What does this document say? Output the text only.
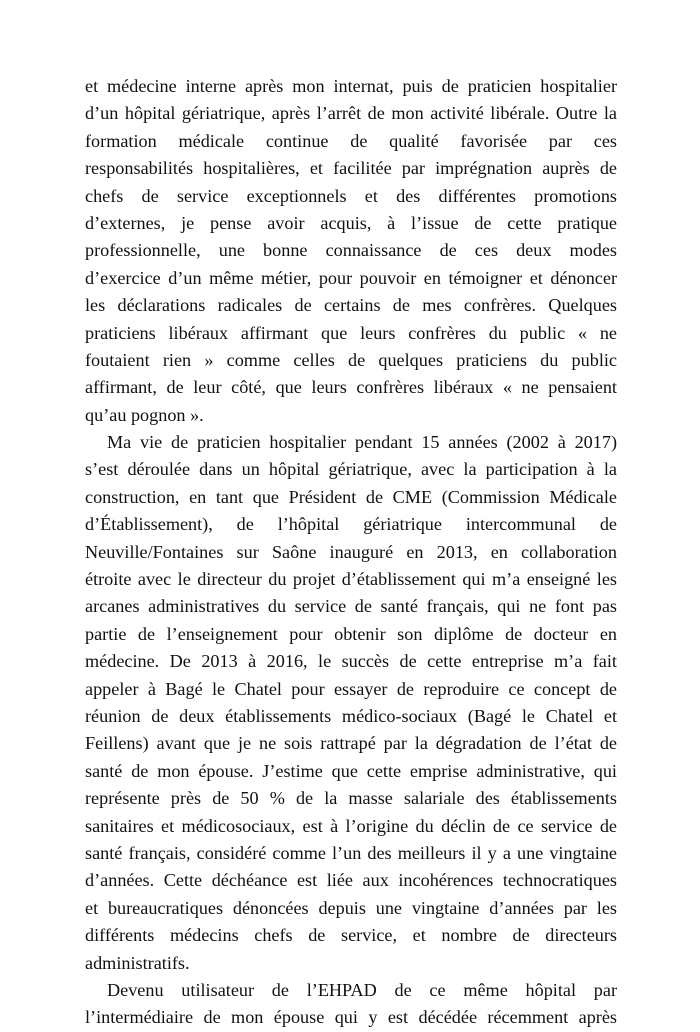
et médecine interne après mon internat, puis de praticien hospitalier
d’un hôpital gériatrique, après l’arrêt de mon activité libérale. Outre la
formation médicale continue de qualité favorisée par ces
responsabilités hospitalières, et facilitée par imprégnation auprès de
chefs de service exceptionnels et des différentes promotions
d’externes, je pense avoir acquis, à l’issue de cette pratique
professionnelle, une bonne connaissance de ces deux modes
d’exercice d’un même métier, pour pouvoir en témoigner et dénoncer
les déclarations radicales de certains de mes confrères. Quelques
praticiens libéraux affirmant que leurs confrères du public « ne
foutaient rien » comme celles de quelques praticiens du public
affirmant, de leur côté, que leurs confrères libéraux « ne pensaient
qu’au pognon ».
Ma vie de praticien hospitalier pendant 15 années (2002 à 2017)
s’est déroulée dans un hôpital gériatrique, avec la participation à la
construction, en tant que Président de CME (Commission Médicale
d’Établissement), de l’hôpital gériatrique intercommunal de
Neuville/Fontaines sur Saône inauguré en 2013, en collaboration
étroite avec le directeur du projet d’établissement qui m’a enseigné les
arcanes administratives du service de santé français, qui ne font pas
partie de l’enseignement pour obtenir son diplôme de docteur en
médecine. De 2013 à 2016, le succès de cette entreprise m’a fait
appeler à Bagé le Chatel pour essayer de reproduire ce concept de
réunion de deux établissements médico-sociaux (Bagé le Chatel et
Feillens) avant que je ne sois rattrapé par la dégradation de l’état de
santé de mon épouse. J’estime que cette emprise administrative, qui
représente près de 50 % de la masse salariale des établissements
sanitaires et médicosociaux, est à l’origine du déclin de ce service de
santé français, considéré comme l’un des meilleurs il y a une vingtaine
d’années. Cette déchéance est liée aux incohérences technocratiques
et bureaucratiques dénoncées depuis une vingtaine d’années par les
différents médecins chefs de service, et nombre de directeurs
administratifs.
Devenu utilisateur de l’EHPAD de ce même hôpital par
l’intermédiaire de mon épouse qui y est décédée récemment après
